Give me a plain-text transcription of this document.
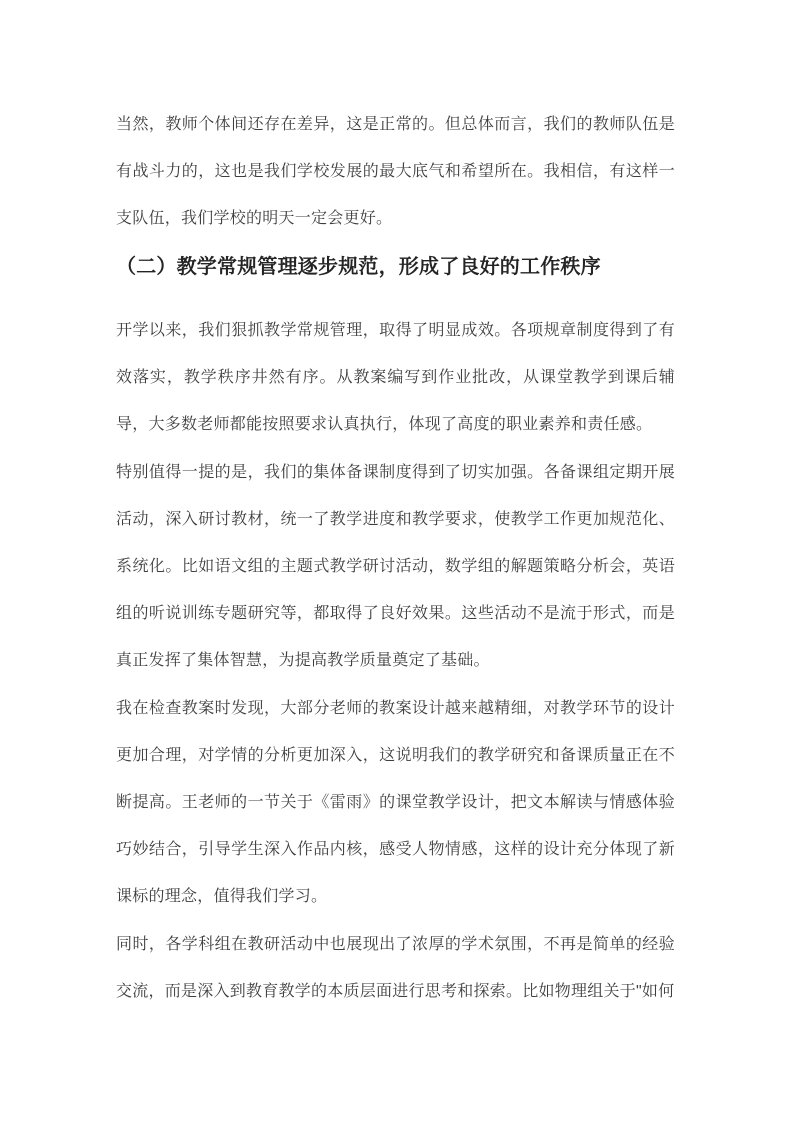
当然，教师个体间还存在差异，这是正常的。但总体而言，我们的教师队伍是有战斗力的，这也是我们学校发展的最大底气和希望所在。我相信，有这样一支队伍，我们学校的明天一定会更好。

（二）教学常规管理逐步规范，形成了良好的工作秩序

开学以来，我们狠抓教学常规管理，取得了明显成效。各项规章制度得到了有效落实，教学秩序井然有序。从教案编写到作业批改，从课堂教学到课后辅导，大多数老师都能按照要求认真执行，体现了高度的职业素养和责任感。

特别值得一提的是，我们的集体备课制度得到了切实加强。各备课组定期开展活动，深入研讨教材，统一了教学进度和教学要求，使教学工作更加规范化、系统化。比如语文组的主题式教学研讨活动，数学组的解题策略分析会，英语组的听说训练专题研究等，都取得了良好效果。这些活动不是流于形式，而是真正发挥了集体智慧，为提高教学质量奠定了基础。

我在检查教案时发现，大部分老师的教案设计越来越精细，对教学环节的设计更加合理，对学情的分析更加深入，这说明我们的教学研究和备课质量正在不断提高。王老师的一节关于《雷雨》的课堂教学设计，把文本解读与情感体验巧妙结合，引导学生深入作品内核，感受人物情感，这样的设计充分体现了新课标的理念，值得我们学习。

同时，各学科组在教研活动中也展现出了浓厚的学术氛围，不再是简单的经验交流，而是深入到教育教学的本质层面进行思考和探索。比如物理组关于"如何
